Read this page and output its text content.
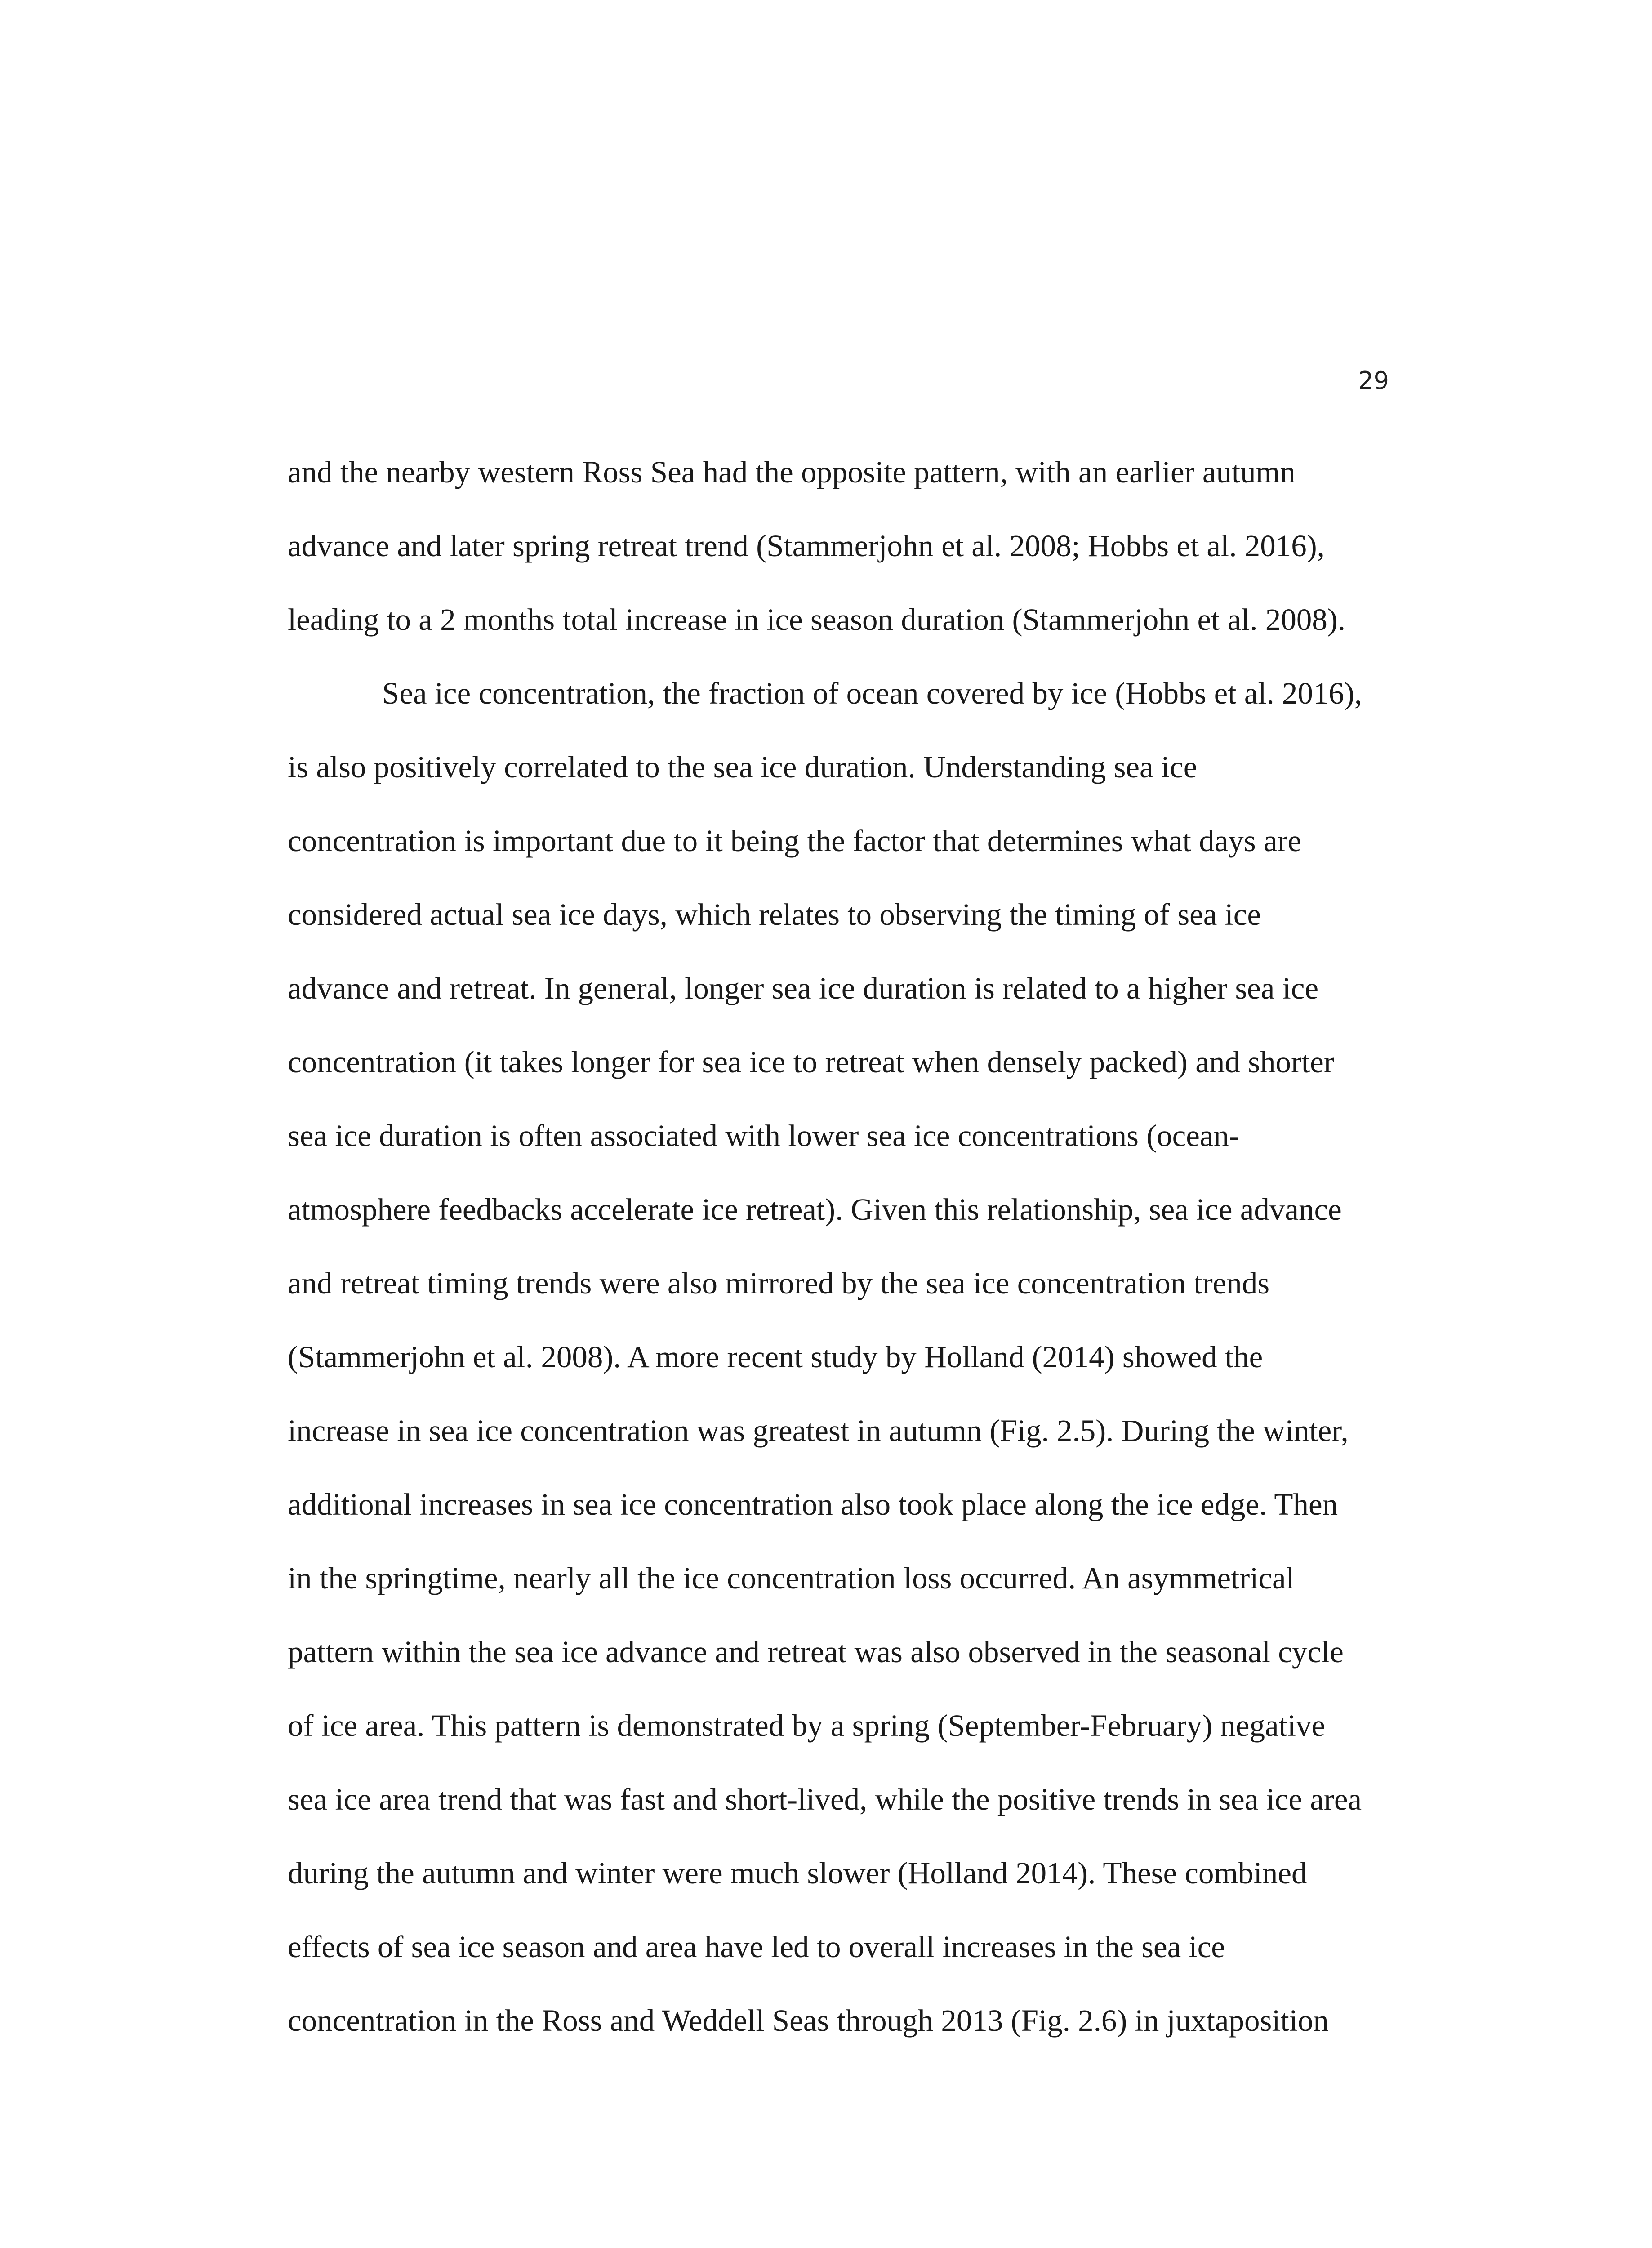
29
and the nearby western Ross Sea had the opposite pattern, with an earlier autumn
advance and later spring retreat trend (Stammerjohn et al. 2008; Hobbs et al. 2016),
leading to a 2 months total increase in ice season duration (Stammerjohn et al. 2008).
Sea ice concentration, the fraction of ocean covered by ice (Hobbs et al. 2016),
is also positively correlated to the sea ice duration. Understanding sea ice
concentration is important due to it being the factor that determines what days are
considered actual sea ice days, which relates to observing the timing of sea ice
advance and retreat. In general, longer sea ice duration is related to a higher sea ice
concentration (it takes longer for sea ice to retreat when densely packed) and shorter
sea ice duration is often associated with lower sea ice concentrations (ocean-
atmosphere feedbacks accelerate ice retreat). Given this relationship, sea ice advance
and retreat timing trends were also mirrored by the sea ice concentration trends
(Stammerjohn et al. 2008). A more recent study by Holland (2014) showed the
increase in sea ice concentration was greatest in autumn (Fig. 2.5). During the winter,
additional increases in sea ice concentration also took place along the ice edge. Then
in the springtime, nearly all the ice concentration loss occurred. An asymmetrical
pattern within the sea ice advance and retreat was also observed in the seasonal cycle
of ice area. This pattern is demonstrated by a spring (September-February) negative
sea ice area trend that was fast and short-lived, while the positive trends in sea ice area
during the autumn and winter were much slower (Holland 2014). These combined
effects of sea ice season and area have led to overall increases in the sea ice
concentration in the Ross and Weddell Seas through 2013 (Fig. 2.6) in juxtaposition
